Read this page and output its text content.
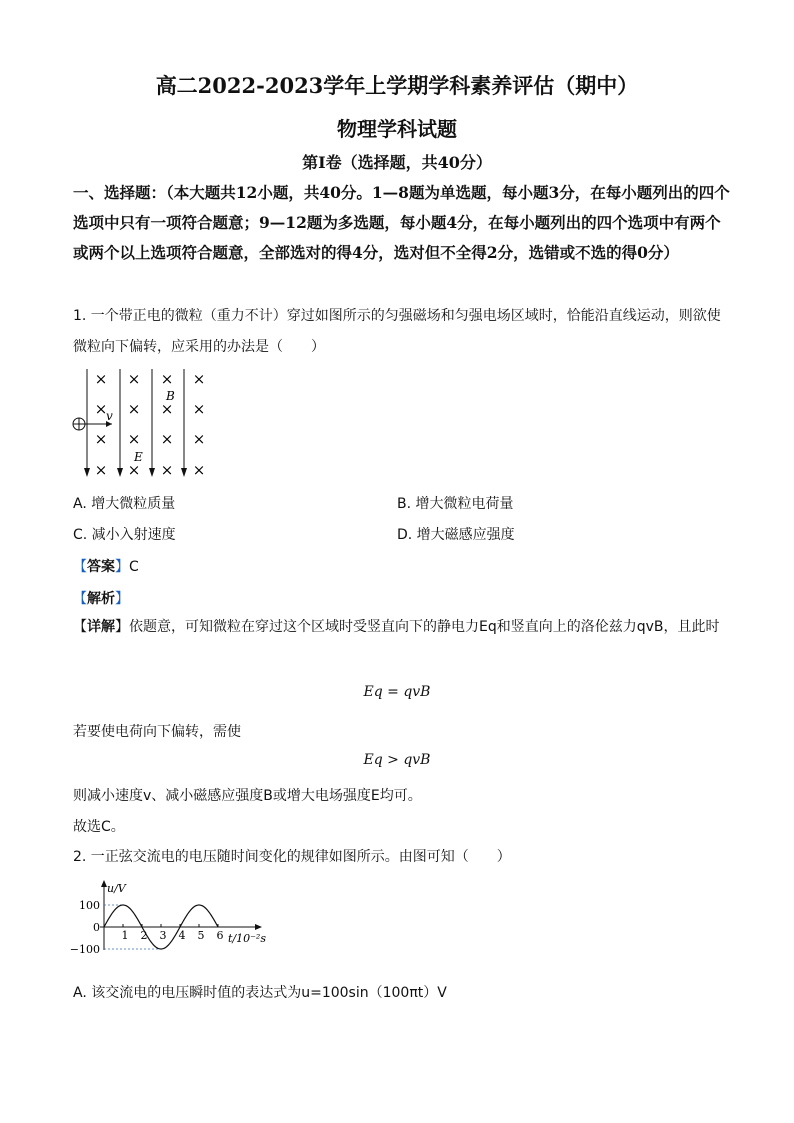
高二2022-2023学年上学期学科素养评估（期中）
物理学科试题
第Ⅰ卷（选择题，共40分）
一、选择题：（本大题共12小题，共40分。1—8题为单选题，每小题3分，在每小题列出的四个选项中只有一项符合题意；9—12题为多选题，每小题4分，在每小题列出的四个选项中有两个或两个以上选项符合题意，全部选对的得4分，选对但不全得2分，选错或不选的得0分）
1. 一个带正电的微粒（重力不计）穿过如图所示的匀强磁场和匀强电场区域时，恰能沿直线运动，则欲使
微粒向下偏转，应采用的办法是（　　）
× × × ×
× × × ×
× × × ×
× × × ×
v
B
E
A. 增大微粒质量	B. 增大微粒电荷量
C. 减小入射速度	D. 增大磁感应强度
【答案】C
【解析】
【详解】依题意，可知微粒在穿过这个区域时受竖直向下的静电力Eq和竖直向上的洛伦兹力qvB，且此时
Eq = qvB
若要使电荷向下偏转，需使
Eq > qvB
则减小速度v、减小磁感应强度B或增大电场强度E均可。
故选C。
2. 一正弦交流电的电压随时间变化的规律如图所示。由图可知（　　）
u/V
t/10⁻²s
1 2 3 4 5 6
100
0
−100
A. 该交流电的电压瞬时值的表达式为u=100sin（100πt）V
